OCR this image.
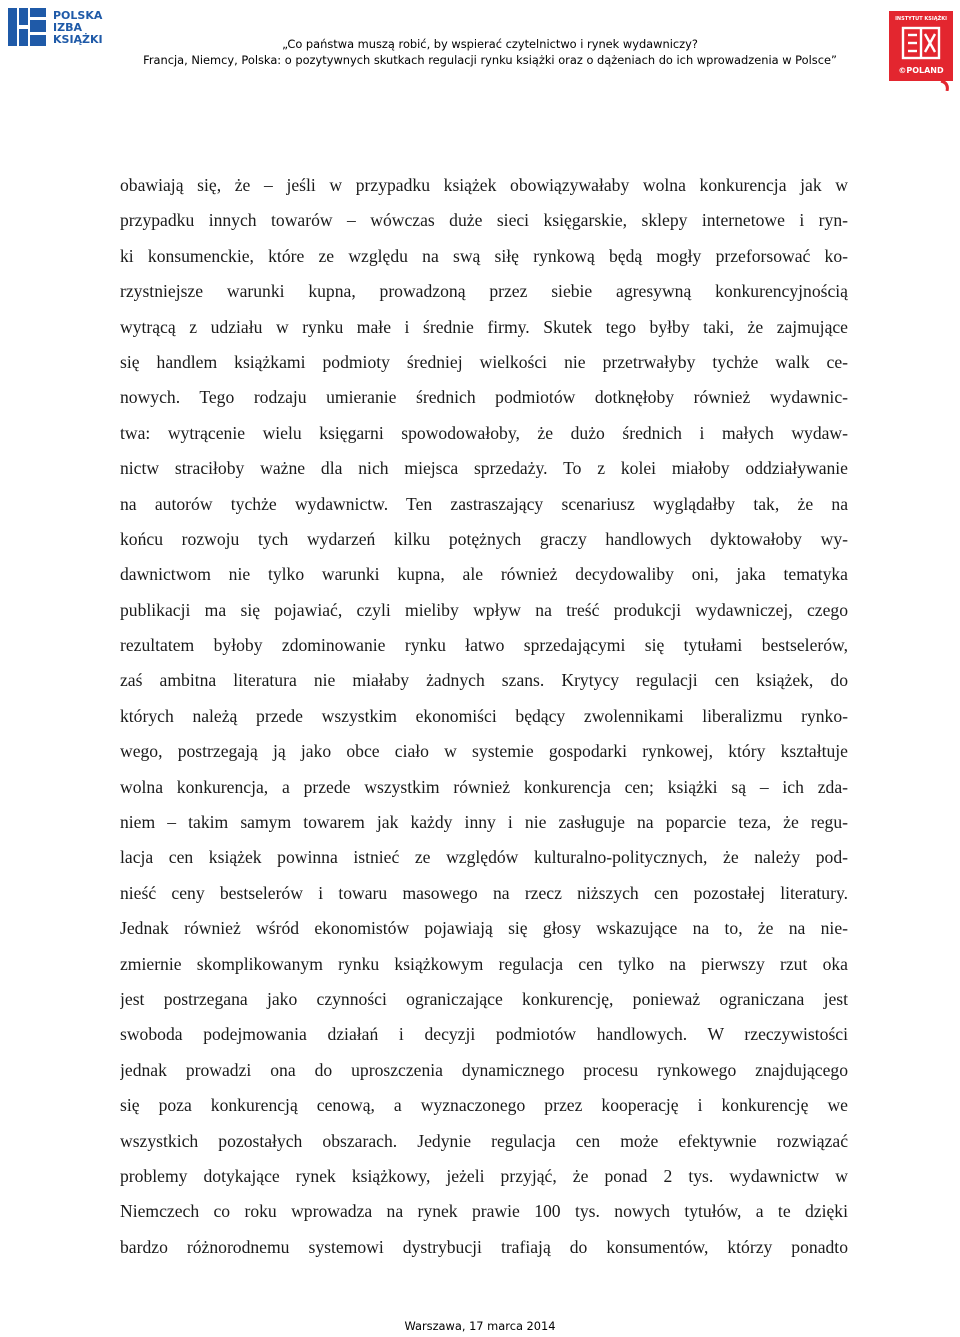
POLSKA
IZBA
KSIĄŻKI	„Co państwa muszą robić, by wspierać czytelnictwo i rynek wydawniczy?
Francja, Niemcy, Polska: o pozytywnych skutkach regulacji rynku książki oraz o dążeniach do ich wprowadzenia w Polsce”
INSTYTUT KSIĄŻKI
©POLAND
obawiają się, że – jeśli w przypadku książek obowiązywałaby wolna konkurencja jak w
przypadku innych towarów – wówczas duże sieci księgarskie, sklepy internetowe i ryn-
ki konsumenckie, które ze względu na swą siłę rynkową będą mogły przeforsować ko-
rzystniejsze warunki kupna, prowadzoną przez siebie agresywną konkurencyjnością
wytrącą z udziału w rynku małe i średnie firmy. Skutek tego byłby taki, że zajmujące
się handlem książkami podmioty średniej wielkości nie przetrwałyby tychże walk ce-
nowych. Tego rodzaju umieranie średnich podmiotów dotknęłoby również wydawnic-
twa: wytrącenie wielu księgarni spowodowałoby, że dużo średnich i małych wydaw-
nictw straciłoby ważne dla nich miejsca sprzedaży. To z kolei miałoby oddziaływanie
na autorów tychże wydawnictw. Ten zastraszający scenariusz wyglądałby tak, że na
końcu rozwoju tych wydarzeń kilku potężnych graczy handlowych dyktowałoby wy-
dawnictwom nie tylko warunki kupna, ale również decydowaliby oni, jaka tematyka
publikacji ma się pojawiać, czyli mieliby wpływ na treść produkcji wydawniczej, czego
rezultatem byłoby zdominowanie rynku łatwo sprzedającymi się tytułami bestselerów,
zaś ambitna literatura nie miałaby żadnych szans. Krytycy regulacji cen książek, do
których należą przede wszystkim ekonomiści będący zwolennikami liberalizmu rynko-
wego, postrzegają ją jako obce ciało w systemie gospodarki rynkowej, który kształtuje
wolna konkurencja, a przede wszystkim również konkurencja cen; książki są – ich zda-
niem – takim samym towarem jak każdy inny i nie zasługuje na poparcie teza, że regu-
lacja cen książek powinna istnieć ze względów kulturalno-politycznych, że należy pod-
nieść ceny bestselerów i towaru masowego na rzecz niższych cen pozostałej literatury.
Jednak również wśród ekonomistów pojawiają się głosy wskazujące na to, że na nie-
zmiernie skomplikowanym rynku książkowym regulacja cen tylko na pierwszy rzut oka
jest postrzegana jako czynności ograniczające konkurencję, ponieważ ograniczana jest
swoboda podejmowania działań i decyzji podmiotów handlowych. W rzeczywistości
jednak prowadzi ona do uproszczenia dynamicznego procesu rynkowego znajdującego
się poza konkurencją cenową, a wyznaczonego przez kooperację i konkurencję we
wszystkich pozostałych obszarach. Jedynie regulacja cen może efektywnie rozwiązać
problemy dotykające rynek książkowy, jeżeli przyjąć, że ponad 2 tys. wydawnictw w
Niemczech co roku wprowadza na rynek prawie 100 tys. nowych tytułów, a te dzięki
bardzo różnorodnemu systemowi dystrybucji trafiają do konsumentów, którzy ponadto
Warszawa, 17 marca 2014
